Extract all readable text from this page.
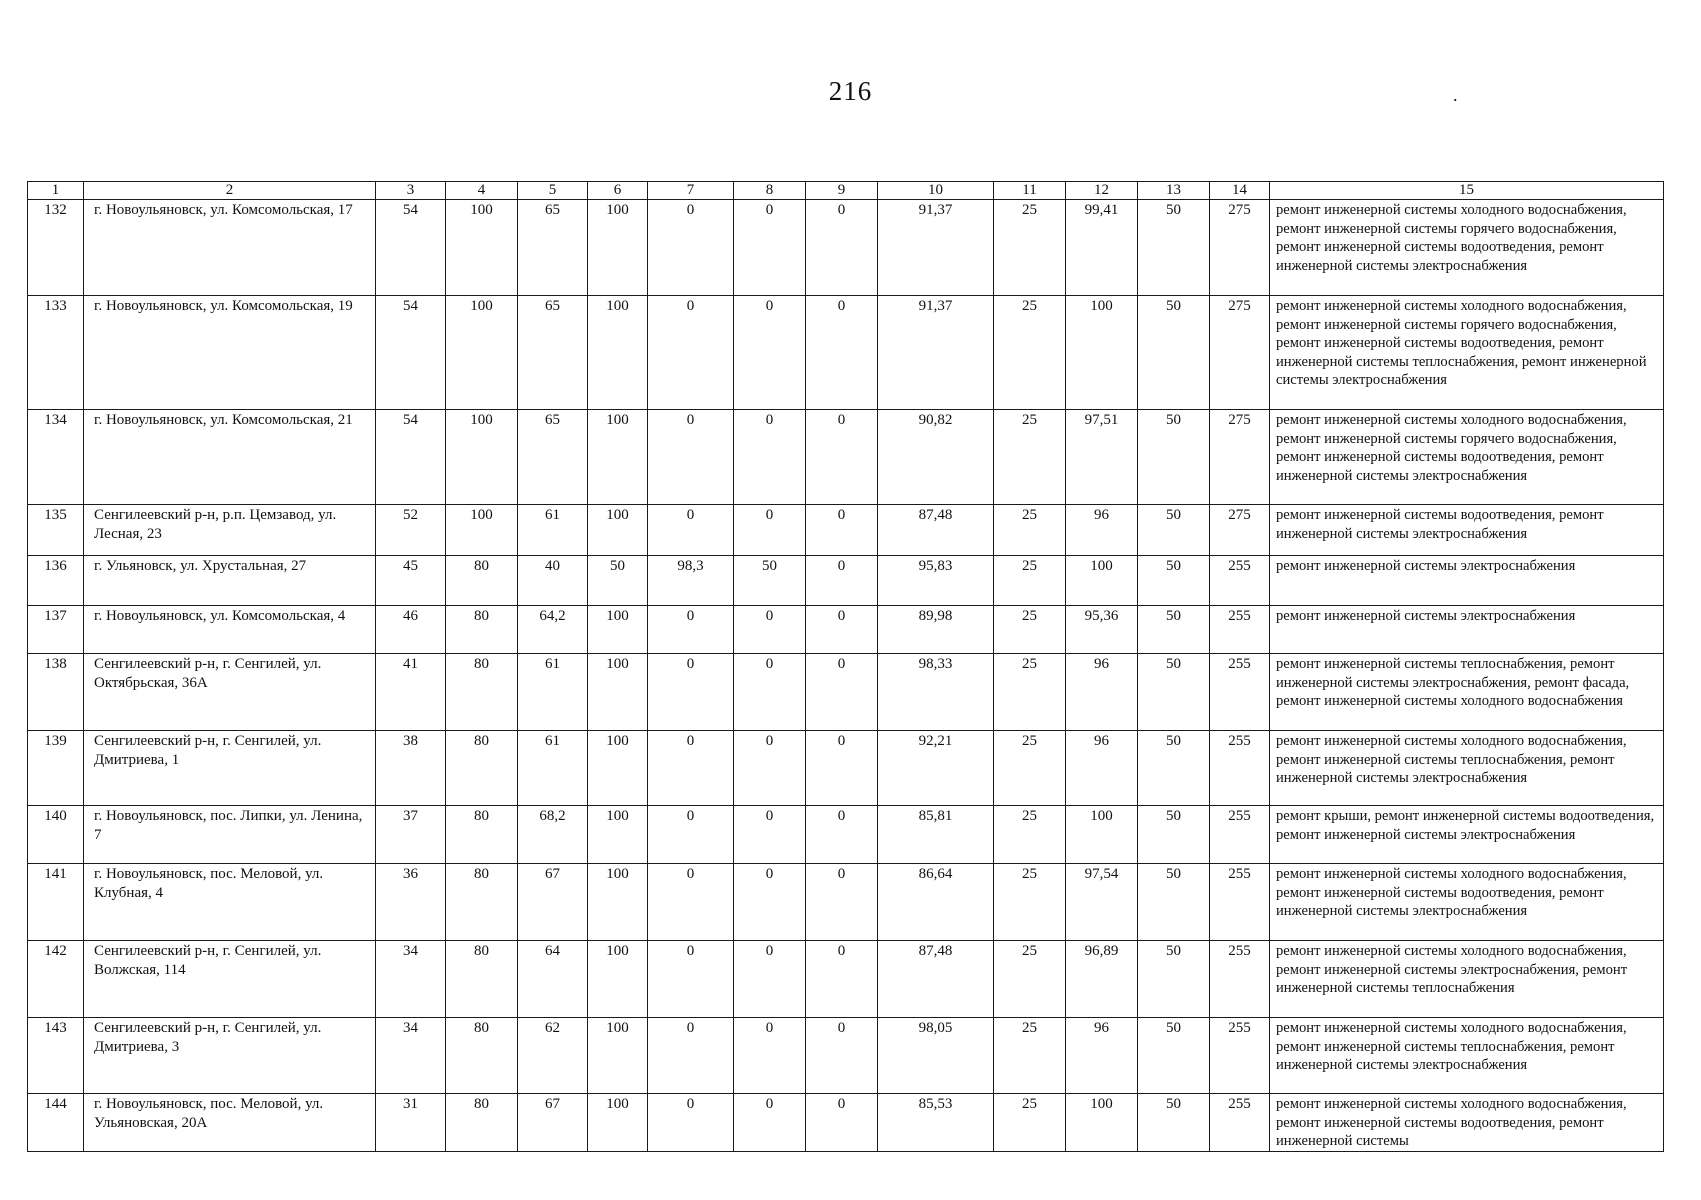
216	.
1	2	3	4	5	6	7	8	9	10	11	12	13	14	15
132	г. Новоульяновск, ул. Комсомольская, 17	54	100	65	100	0	0	0	91,37	25	99,41	50	275	ремонт инженерной системы холодного водоснабжения, ремонт инженерной системы горячего водоснабжения, ремонт инженерной системы водоотведения, ремонт инженерной системы электроснабжения
133	г. Новоульяновск, ул. Комсомольская, 19	54	100	65	100	0	0	0	91,37	25	100	50	275	ремонт инженерной системы холодного водоснабжения, ремонт инженерной системы горячего водоснабжения, ремонт инженерной системы водоотведения, ремонт инженерной системы теплоснабжения, ремонт инженерной системы электроснабжения
134	г. Новоульяновск, ул. Комсомольская, 21	54	100	65	100	0	0	0	90,82	25	97,51	50	275	ремонт инженерной системы холодного водоснабжения, ремонт инженерной системы горячего водоснабжения, ремонт инженерной системы водоотведения, ремонт инженерной системы электроснабжения
135	Сенгилеевский р-н, р.п. Цемзавод, ул. Лесная, 23	52	100	61	100	0	0	0	87,48	25	96	50	275	ремонт инженерной системы водоотведения, ремонт инженерной системы электроснабжения
136	г. Ульяновск, ул. Хрустальная, 27	45	80	40	50	98,3	50	0	95,83	25	100	50	255	ремонт инженерной системы электроснабжения
137	г. Новоульяновск, ул. Комсомольская, 4	46	80	64,2	100	0	0	0	89,98	25	95,36	50	255	ремонт инженерной системы электроснабжения
138	Сенгилеевский р-н, г. Сенгилей, ул. Октябрьская, 36А	41	80	61	100	0	0	0	98,33	25	96	50	255	ремонт инженерной системы теплоснабжения, ремонт инженерной системы электроснабжения, ремонт фасада, ремонт инженерной системы холодного водоснабжения
139	Сенгилеевский р-н, г. Сенгилей, ул. Дмитриева, 1	38	80	61	100	0	0	0	92,21	25	96	50	255	ремонт инженерной системы холодного водоснабжения, ремонт инженерной системы теплоснабжения, ремонт инженерной системы электроснабжения
140	г. Новоульяновск, пос. Липки, ул. Ленина, 7	37	80	68,2	100	0	0	0	85,81	25	100	50	255	ремонт крыши, ремонт инженерной системы водоотведения, ремонт инженерной системы электроснабжения
141	г. Новоульяновск, пос. Меловой, ул. Клубная, 4	36	80	67	100	0	0	0	86,64	25	97,54	50	255	ремонт инженерной системы холодного водоснабжения, ремонт инженерной системы водоотведения, ремонт инженерной системы электроснабжения
142	Сенгилеевский р-н, г. Сенгилей, ул. Волжская, 114	34	80	64	100	0	0	0	87,48	25	96,89	50	255	ремонт инженерной системы холодного водоснабжения, ремонт инженерной системы электроснабжения, ремонт инженерной системы теплоснабжения
143	Сенгилеевский р-н, г. Сенгилей, ул. Дмитриева, 3	34	80	62	100	0	0	0	98,05	25	96	50	255	ремонт инженерной системы холодного водоснабжения, ремонт инженерной системы теплоснабжения, ремонт инженерной системы электроснабжения
144	г. Новоульяновск, пос. Меловой, ул. Ульяновская, 20А	31	80	67	100	0	0	0	85,53	25	100	50	255	ремонт инженерной системы холодного водоснабжения, ремонт инженерной системы водоотведения, ремонт инженерной системы
